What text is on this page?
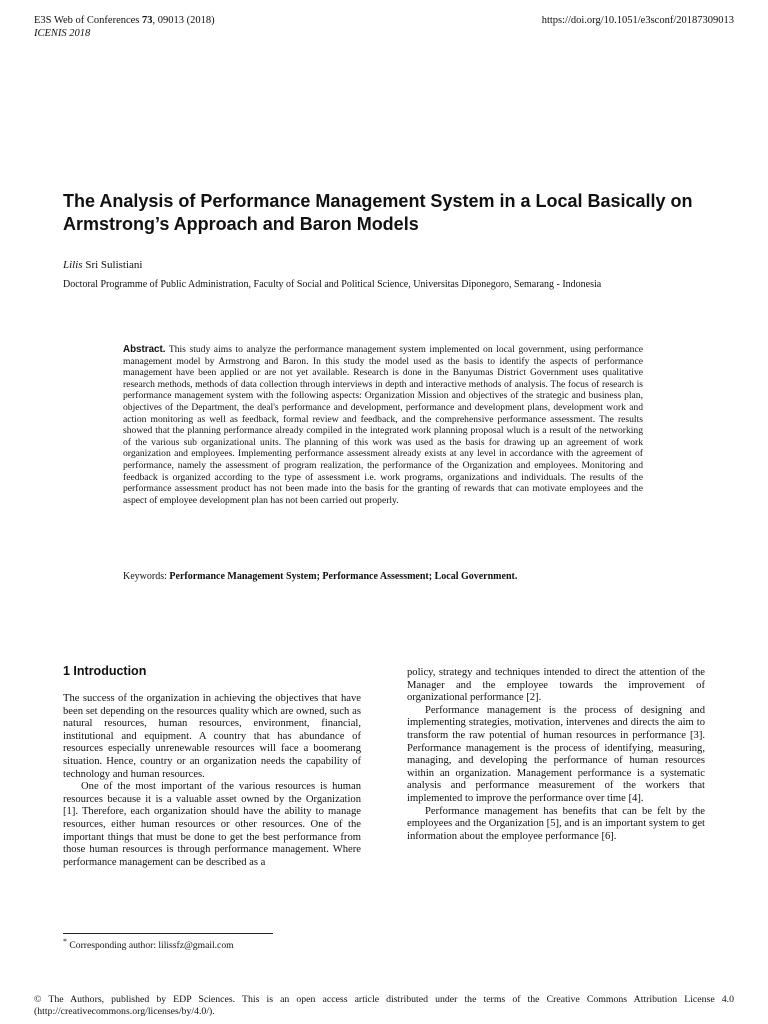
E3S Web of Conferences 73, 09013 (2018)
ICENIS 2018
https://doi.org/10.1051/e3sconf/20187309013
The Analysis of Performance Management System in a Local Basically on Armstrong’s Approach and Baron Models
Lilis Sri Sulistiani
Doctoral Programme of Public Administration, Faculty of Social and Political Science, Universitas Diponegoro, Semarang - Indonesia

Abstract. This study aims to analyze the performance management system implemented on local government, using performance management model by Armstrong and Baron. In this study the model used as the basis to identify the aspects of performance management have been applied or are not yet available. Research is done in the Banyumas District Government uses qualitative research methods, methods of data collection through interviews in depth and interactive methods of analysis. The focus of research is performance management system with the following aspects: Organization Mission and objectives of the strategic and business plan, objectives of the Department, the deal's performance and development, performance and development plans, development work and action monitoring as well as feedback, formal review and feedback, and the comprehensive performance assessment. The results showed that the planning performance already compiled in the integrated work planning proposal wluch is a result of the networking of the various sub organizational units. The planning of this work was used as the basis for drawing up an agreement of work organization and employees. Implementing performance assessment already exists at any level in accordance with the agreement of performance, namely the assessment of program realization, the performance of the Organization and employees. Monitoring and feedback is organized according to the type of assessment i.e. work programs, organizations and individuals. The results of the performance assessment product has not been made into the basis for the granting of rewards that can motivate employees and the aspect of employee development plan has not been carried out properly.

Keywords: Performance Management System; Performance Assessment; Local Government.
1 Introduction

The success of the organization in achieving the objectives that have been set depending on the resources quality which are owned, such as natural resources, human resources, environment, financial, institutional and equipment. A country that has abundance of resources especially unrenewable resources will face a boomerang situation. Hence, country or an organization needs the capability of technology and human resources.

One of the most important of the various resources is human resources because it is a valuable asset owned by the Organization [1]. Therefore, each organization should have the ability to manage resources, either human resources or other resources. One of the important things that must be done to get the best performance from those human resources is through performance management. Where performance management can be described as a

policy, strategy and techniques intended to direct the attention of the Manager and the employee towards the improvement of organizational performance [2].

Performance management is the process of designing and implementing strategies, motivation, intervenes and directs the aim to transform the raw potential of human resources in performance [3]. Performance management is the process of identifying, measuring, managing, and developing the performance of human resources within an organization. Management performance is a systematic analysis and performance measurement of the workers that implemented to improve the performance over time [4].

Performance management has benefits that can be felt by the employees and the Organization [5], and is an important system to get information about the employee performance [6].

* Corresponding author: lilissfz@gmail.com
© The Authors, published by EDP Sciences. This is an open access article distributed under the terms of the Creative Commons Attribution License 4.0 (http://creativecommons.org/licenses/by/4.0/).
